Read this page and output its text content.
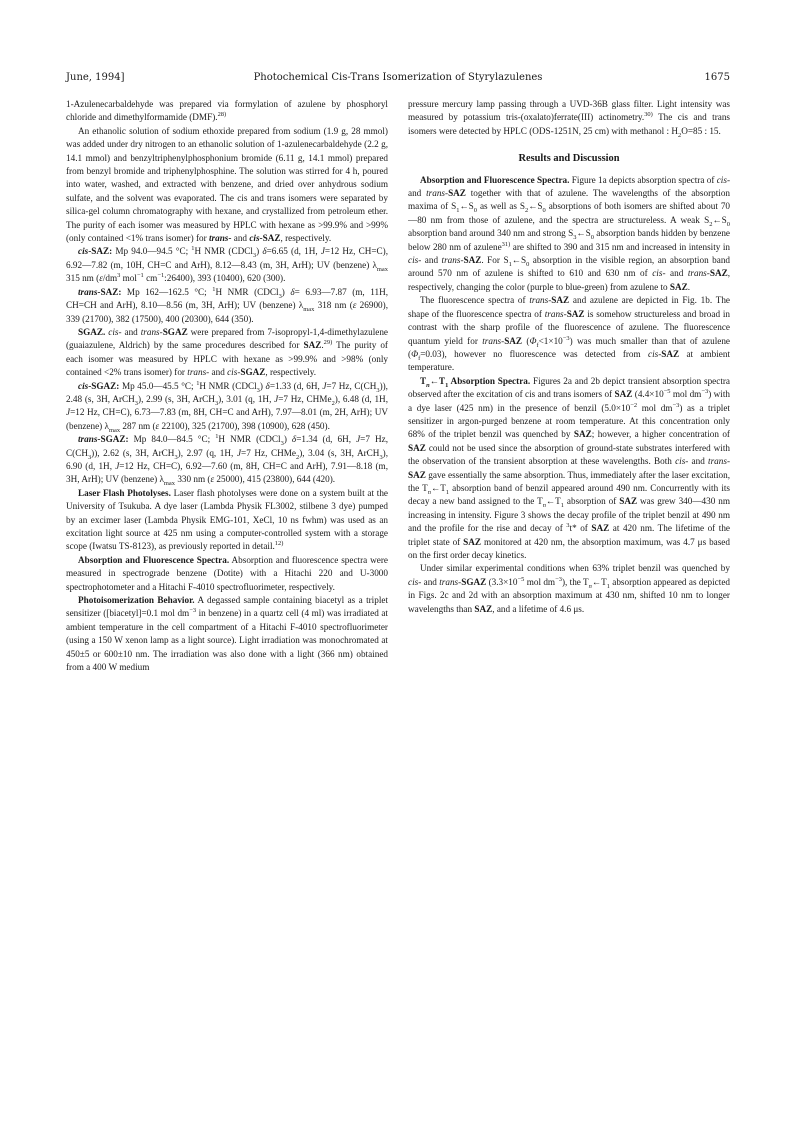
June, 1994]	Photochemical Cis-Trans Isomerization of Styrylazulenes	1675

1-Azulenecarbaldehyde was prepared via formylation of azulene by phosphoryl chloride and dimethylformamide (DMF).$^{28)}$

An ethanolic solution of sodium ethoxide prepared from sodium (1.9 g, 28 mmol) was added under dry nitrogen to an ethanolic solution of 1-azulenecarbaldehyde (2.2 g, 14.1 mmol) and benzyltriphenylphosphonium bromide (6.11 g, 14.1 mmol) prepared from benzyl bromide and triphenylphosphine. The solution was stirred for 4 h, poured into water, washed, and extracted with benzene, and dried over anhydrous sodium sulfate, and the solvent was evaporated. The cis and trans isomers were separated by silica-gel column chromatography with hexane, and crystallized from petroleum ether. The purity of each isomer was measured by HPLC with hexane as >99.9% and >99% (only contained <1% trans isomer) for trans- and cis-SAZ, respectively.

cis-SAZ: Mp 94.0—94.5 °C; $^1$H NMR (CDCl$_3$) δ=6.65 (d, 1H, J=12 Hz, CH=C), 6.92—7.82 (m, 10H, CH=C and ArH), 8.12—8.43 (m, 3H, ArH); UV (benzene) $\lambda_{max}$ 315 nm ($\varepsilon/dm^3$ mol$^{-1}$ $cm^{-1}:26400$), 393 (10400), 620 (300).

trans-SAZ: Mp 162—162.5 °C; $^1$H NMR (CDCl$_3$) δ= 6.93—7.87 (m, 11H, CH=CH and ArH), 8.10—8.56 (m, 3H, ArH); UV (benzene) $\lambda_{max}$ 318 nm (ε 26900), 339 (21700), 382 (17500), 400 (20300), 644 (350).

SGAZ. cis- and trans-SGAZ were prepared from 7-isopropyl-1,4-dimethylazulene (guaiazulene, Aldrich) by the same procedures described for SAZ.$^{29)}$ The purity of each isomer was measured by HPLC with hexane as >99.9% and >98% (only contained <2% trans isomer) for trans- and cis-SGAZ, respectively.

cis-SGAZ: Mp 45.0—45.5 °C; $^1$H NMR (CDCl$_3$) δ=1.33 (d, 6H, J=7 Hz, $C(CH_3)$), 2.48 (s, 3H, ArCH$_3$), 2.99 (s, 3H, ArCH$_3$), 3.01 (q, 1H, J=7 Hz, CHMe$_2$), 6.48 (d, 1H, J=12 Hz, CH=C), 6.73—7.83 (m, 8H, CH=C and ArH), 7.97—8.01 (m, 2H, ArH); UV (benzene) $\lambda_{max}$ 287 nm (ε 22100), 325 (21700), 398 (10900), 628 (450).

trans-SGAZ: Mp 84.0—84.5 °C; $^1$H NMR (CDCl$_3$) δ=1.34 (d, 6H, J=7 Hz, $C(CH_3)$), 2.62 (s, 3H, ArCH$_3$), 2.97 (q, 1H, J=7 Hz, CHMe$_2$), 3.04 (s, 3H, ArCH$_3$), 6.90 (d, 1H, J=12 Hz, CH=C), 6.92—7.60 (m, 8H, CH=C and ArH), 7.91—8.18 (m, 3H, ArH); UV (benzene) $\lambda_{max}$ 330 nm (ε 25000), 415 (23800), 644 (420).

Laser Flash Photolyses. Laser flash photolyses were done on a system built at the University of Tsukuba. A dye laser (Lambda Physik FL3002, stilbene 3 dye) pumped by an excimer laser (Lambda Physik EMG-101, XeCl, 10 ns fwhm) was used as an excitation light source at 425 nm using a computer-controlled system with a storage scope (Iwatsu TS-8123), as previously reported in detail.$^{12)}$

Absorption and Fluorescence Spectra. Absorption and fluorescence spectra were measured in spectrograde benzene (Dotite) with a Hitachi 220 and U-3000 spectrophotometer and a Hitachi F-4010 spectrofluorimeter, respectively.

Photoisomerization Behavior. A degassed sample containing biacetyl as a triplet sensitizer ([biacetyl]=0.1 mol $dm^{-3}$ in benzene) in a quartz cell (4 ml) was irradiated at ambient temperature in the cell compartment of a Hitachi F-4010 spectrofluorimeter (using a 150 W xenon lamp as a light source). Light irradiation was monochromated at 450±5 or 600±10 nm. The irradiation was also done with a light (366 nm) obtained from a 400 W medium

pressure mercury lamp passing through a UVD-36B glass filter. Light intensity was measured by potassium tris-(oxalato)ferrate(III) actinometry.$^{30)}$ The cis and trans isomers were detected by HPLC (ODS-1251N, 25 cm) with methanol : $H_2O=85$ : 15.

Results and Discussion

Absorption and Fluorescence Spectra. Figure 1a depicts absorption spectra of cis- and trans-SAZ together with that of azulene. The wavelengths of the absorption maxima of $S_1\leftarrow S_0$ as well as $S_2\leftarrow S_0$ absorptions of both isomers are shifted about 70—80 nm from those of azulene, and the spectra are structureless. A weak $S_2\leftarrow S_0$ absorption band around 340 nm and strong $S_3\leftarrow S_0$ absorption bands hidden by benzene below 280 nm of azulene$^{31)}$ are shifted to 390 and 315 nm and increased in intensity in cis- and trans-SAZ. For $S_1\leftarrow S_0$ absorption in the visible region, an absorption band around 570 nm of azulene is shifted to 610 and 630 nm of cis- and trans-SAZ, respectively, changing the color (purple to blue-green) from azulene to SAZ.

The fluorescence spectra of trans-SAZ and azulene are depicted in Fig. 1b. The shape of the fluorescence spectra of trans-SAZ is somehow structureless and broad in contrast with the sharp profile of the fluorescence of azulene. The fluorescence quantum yield for trans-SAZ $(\Phi_f<1\times 10^{-3})$ was much smaller than that of azulene $(\Phi_f=0.03)$, however no fluorescence was detected from cis-SAZ at ambient temperature.

$T_n\leftarrow T_1$ Absorption Spectra. Figures 2a and 2b depict transient absorption spectra observed after the excitation of cis and trans isomers of SAZ ($4.4\times 10^{-5}$ mol $dm^{-3}$) with a dye laser (425 nm) in the presence of benzil ($5.0\times 10^{-2}$ mol $dm^{-3}$) as a triplet sensitizer in argon-purged benzene at room temperature. At this concentration only 68% of the triplet benzil was quenched by SAZ; however, a higher concentration of SAZ could not be used since the absorption of ground-state substrates interfered with the observation of the transient absorption at these wavelengths. Both cis- and trans-SAZ gave essentially the same absorption. Thus, immediately after the laser excitation, the $T_n\leftarrow T_1$ absorption band of benzil appeared around 490 nm. Concurrently with its decay a new band assigned to the $T_n\leftarrow T_1$ absorption of SAZ was grew 340—430 nm increasing in intensity. Figure 3 shows the decay profile of the triplet benzil at 490 nm and the profile for the rise and decay of $^3$t* of SAZ at 420 nm. The lifetime of the triplet state of SAZ monitored at 420 nm, the absorption maximum, was 4.7 μs based on the first order decay kinetics.

Under similar experimental conditions when 63% triplet benzil was quenched by cis- and trans-SGAZ ($3.3\times 10^{-5}$ mol $dm^{-3}$), the $T_n\leftarrow T_1$ absorption appeared as depicted in Figs. 2c and 2d with an absorption maximum at 430 nm, shifted 10 nm to longer wavelengths than SAZ, and a lifetime of 4.6 μs.
